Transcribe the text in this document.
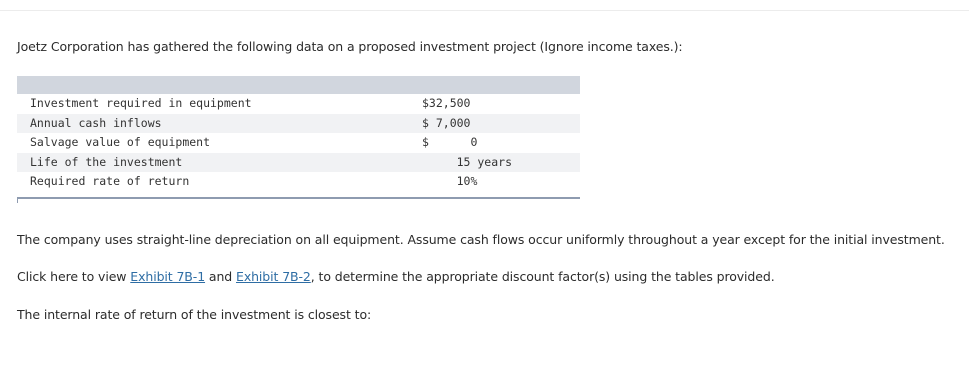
Joetz Corporation has gathered the following data on a proposed investment project (Ignore income taxes.):
Investment required in equipment	$32,500
Annual cash inflows	$ 7,000
Salvage value of equipment	$      0
Life of the investment	15 years
Required rate of return	10%
The company uses straight-line depreciation on all equipment. Assume cash flows occur uniformly throughout a year except for the initial investment.
Click here to view Exhibit 7B-1 and Exhibit 7B-2, to determine the appropriate discount factor(s) using the tables provided.
The internal rate of return of the investment is closest to:
